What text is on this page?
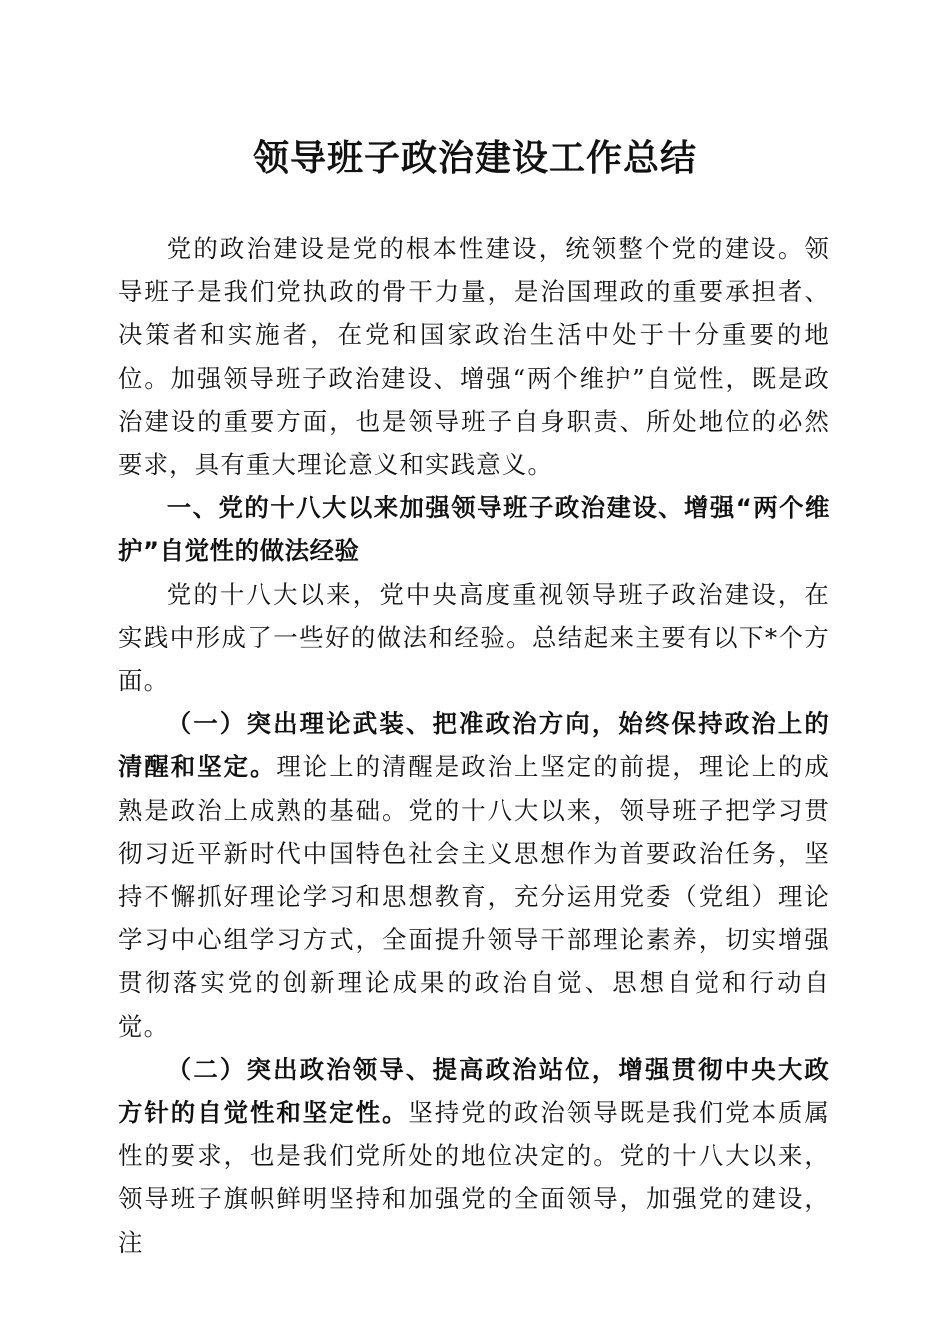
领导班子政治建设工作总结

党的政治建设是党的根本性建设，统领整个党的建设。领导班子是我们党执政的骨干力量，是治国理政的重要承担者、决策者和实施者，在党和国家政治生活中处于十分重要的地位。加强领导班子政治建设、增强“两个维护”自觉性，既是政治建设的重要方面，也是领导班子自身职责、所处地位的必然要求，具有重大理论意义和实践意义。

一、党的十八大以来加强领导班子政治建设、增强“两个维护”自觉性的做法经验

党的十八大以来，党中央高度重视领导班子政治建设，在实践中形成了一些好的做法和经验。总结起来主要有以下*个方面。

（一）突出理论武装、把准政治方向，始终保持政治上的清醒和坚定。理论上的清醒是政治上坚定的前提，理论上的成熟是政治上成熟的基础。党的十八大以来，领导班子把学习贯彻习近平新时代中国特色社会主义思想作为首要政治任务，坚持不懈抓好理论学习和思想教育，充分运用党委（党组）理论学习中心组学习方式，全面提升领导干部理论素养，切实增强贯彻落实党的创新理论成果的政治自觉、思想自觉和行动自觉。

（二）突出政治领导、提高政治站位，增强贯彻中央大政方针的自觉性和坚定性。坚持党的政治领导既是我们党本质属性的要求，也是我们党所处的地位决定的。党的十八大以来，领导班子旗帜鲜明坚持和加强党的全面领导，加强党的建设，注
